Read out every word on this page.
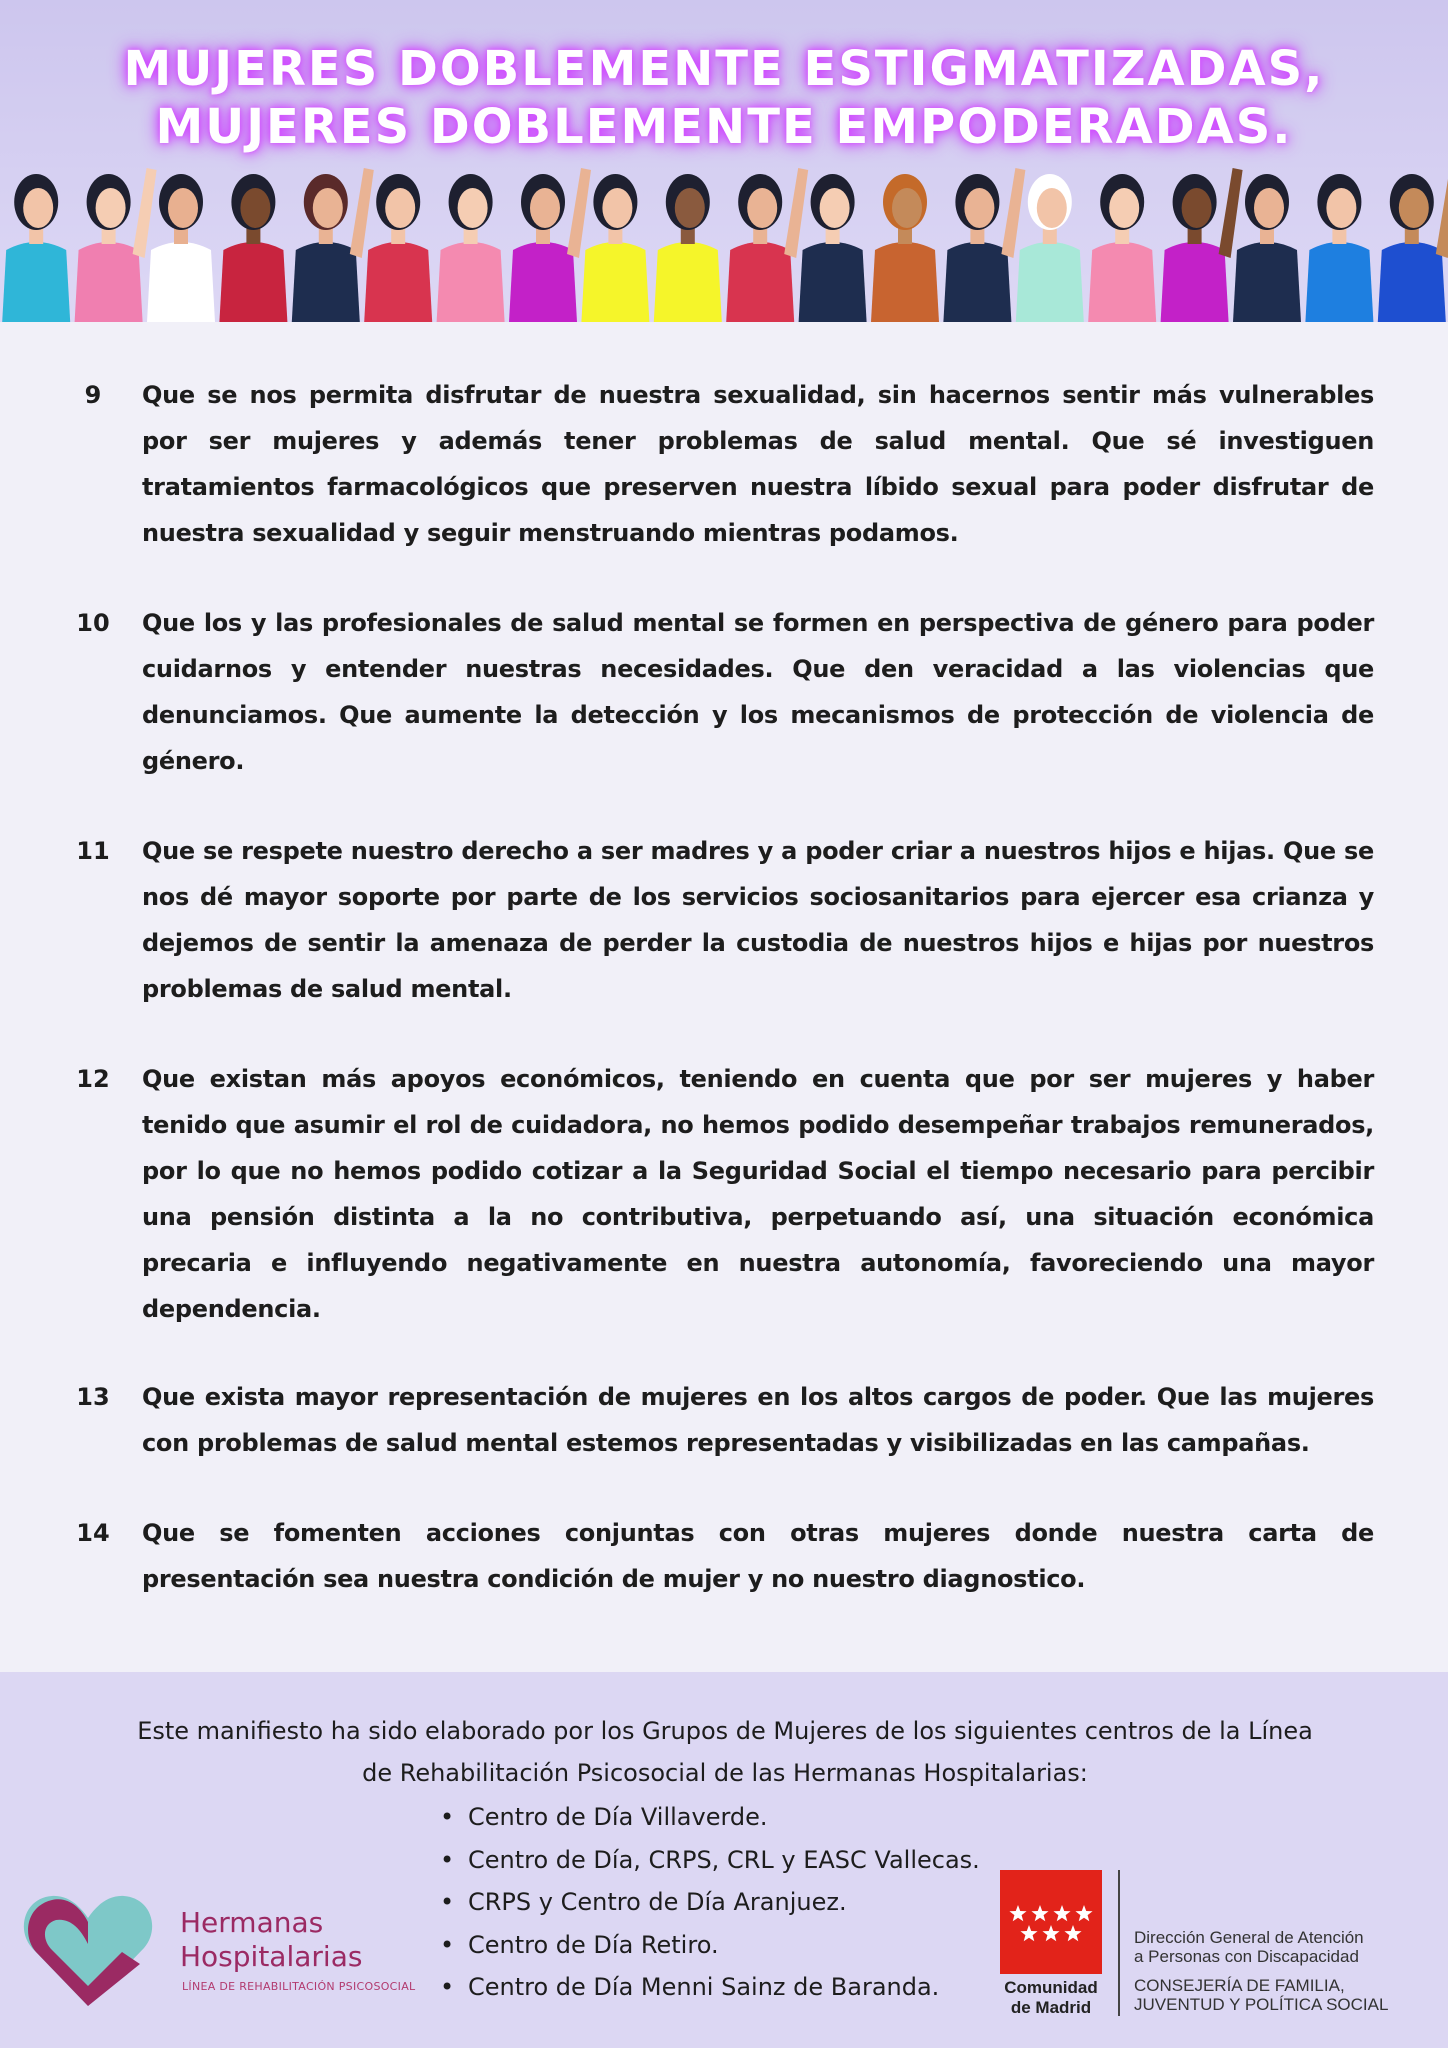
MUJERES DOBLEMENTE ESTIGMATIZADAS,
MUJERES DOBLEMENTE EMPODERADAS.
9	Que se nos permita disfrutar de nuestra sexualidad, sin hacernos sentir más vulnerables por ser mujeres y además tener problemas de salud mental. Que sé investiguen tratamientos farmacológicos que preserven nuestra líbido sexual para poder disfrutar de nuestra sexualidad y seguir menstruando mientras podamos.
10	Que los y las profesionales de salud mental se formen en perspectiva de género para poder cuidarnos y entender nuestras necesidades. Que den veracidad a las violencias que denunciamos. Que aumente la detección y los mecanismos de protección de violencia de género.
11	Que se respete nuestro derecho a ser madres y a poder criar a nuestros hijos e hijas. Que se nos dé mayor soporte por parte de los servicios sociosanitarios para ejercer esa crianza y dejemos de sentir la amenaza de perder la custodia de nuestros hijos e hijas por nuestros problemas de salud mental.
12	Que existan más apoyos económicos, teniendo en cuenta que por ser mujeres y haber tenido que asumir el rol de cuidadora, no hemos podido desempeñar trabajos remunerados, por lo que no hemos podido cotizar a la Seguridad Social el tiempo necesario para percibir una pensión distinta a la no contributiva, perpetuando así, una situación económica precaria e influyendo negativamente en nuestra autonomía, favoreciendo una mayor dependencia.
13	Que exista mayor representación de mujeres en los altos cargos de poder. Que las mujeres con problemas de salud mental estemos representadas y visibilizadas en las campañas.
14	Que se fomenten acciones conjuntas con otras mujeres donde nuestra carta de presentación sea nuestra condición de mujer y no nuestro diagnostico.
Este manifiesto ha sido elaborado por los Grupos de Mujeres de los siguientes centros de la Línea
de Rehabilitación Psicosocial de las Hermanas Hospitalarias:
• Centro de Día Villaverde.
• Centro de Día, CRPS, CRL y EASC Vallecas.
• CRPS y Centro de Día Aranjuez.
• Centro de Día Retiro.
• Centro de Día Menni Sainz de Baranda.
Hermanas
Hospitalarias
LÍNEA DE REHABILITACIÓN PSICOSOCIAL	Comunidad
de Madrid
Dirección General de Atención
a Personas con Discapacidad
CONSEJERÍA DE FAMILIA,
JUVENTUD Y POLÍTICA SOCIAL
